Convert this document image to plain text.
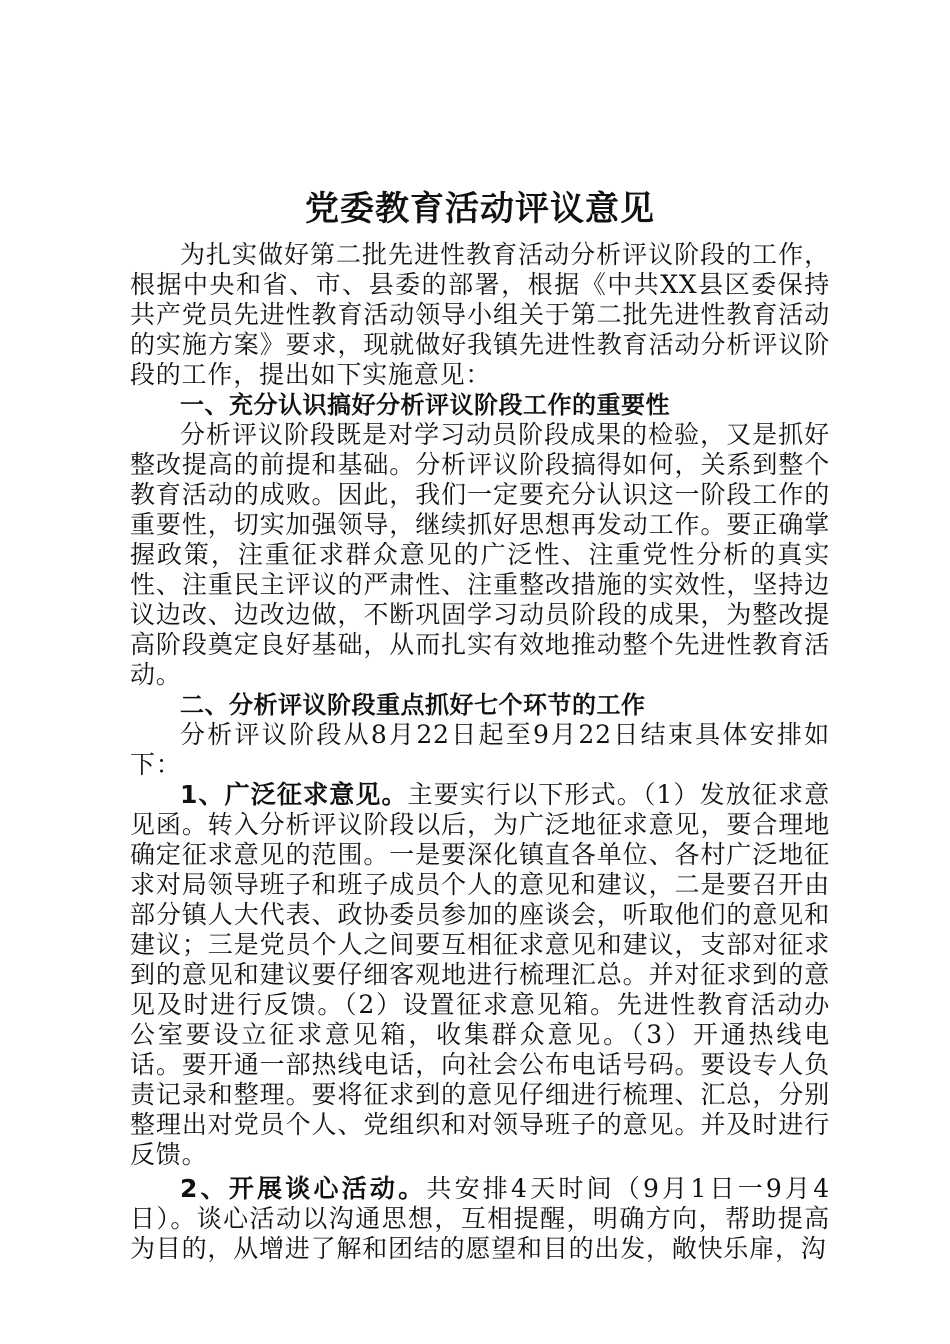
党委教育活动评议意见

为扎实做好第二批先进性教育活动分析评议阶段的工作，根据中央和省、市、县委的部署，根据《中共XX县区委保持共产党员先进性教育活动领导小组关于第二批先进性教育活动的实施方案》要求，现就做好我镇先进性教育活动分析评议阶段的工作，提出如下实施意见：

一、充分认识搞好分析评议阶段工作的重要性

分析评议阶段既是对学习动员阶段成果的检验，又是抓好整改提高的前提和基础。分析评议阶段搞得如何，关系到整个教育活动的成败。因此，我们一定要充分认识这一阶段工作的重要性，切实加强领导，继续抓好思想再发动工作。要正确掌握政策，注重征求群众意见的广泛性、注重党性分析的真实性、注重民主评议的严肃性、注重整改措施的实效性，坚持边议边改、边改边做，不断巩固学习动员阶段的成果，为整改提高阶段奠定良好基础，从而扎实有效地推动整个先进性教育活动。

二、分析评议阶段重点抓好七个环节的工作

分析评议阶段从8月22日起至9月22日结束具体安排如下：

1、广泛征求意见。主要实行以下形式。（1）发放征求意见函。转入分析评议阶段以后，为广泛地征求意见，要合理地确定征求意见的范围。一是要深化镇直各单位、各村广泛地征求对局领导班子和班子成员个人的意见和建议，二是要召开由部分镇人大代表、政协委员参加的座谈会，听取他们的意见和建议；三是党员个人之间要互相征求意见和建议，支部对征求到的意见和建议要仔细客观地进行梳理汇总。并对征求到的意见及时进行反馈。（2）设置征求意见箱。先进性教育活动办公室要设立征求意见箱，收集群众意见。（3）开通热线电话。要开通一部热线电话，向社会公布电话号码。要设专人负责记录和整理。要将征求到的意见仔细进行梳理、汇总，分别整理出对党员个人、党组织和对领导班子的意见。并及时进行反馈。

2、开展谈心活动。共安排4天时间（9月1日一9月4日）。谈心活动以沟通思想，互相提醒，明确方向，帮助提高为目的，从增进了解和团结的愿望和目的出发，敞快乐扉，沟
